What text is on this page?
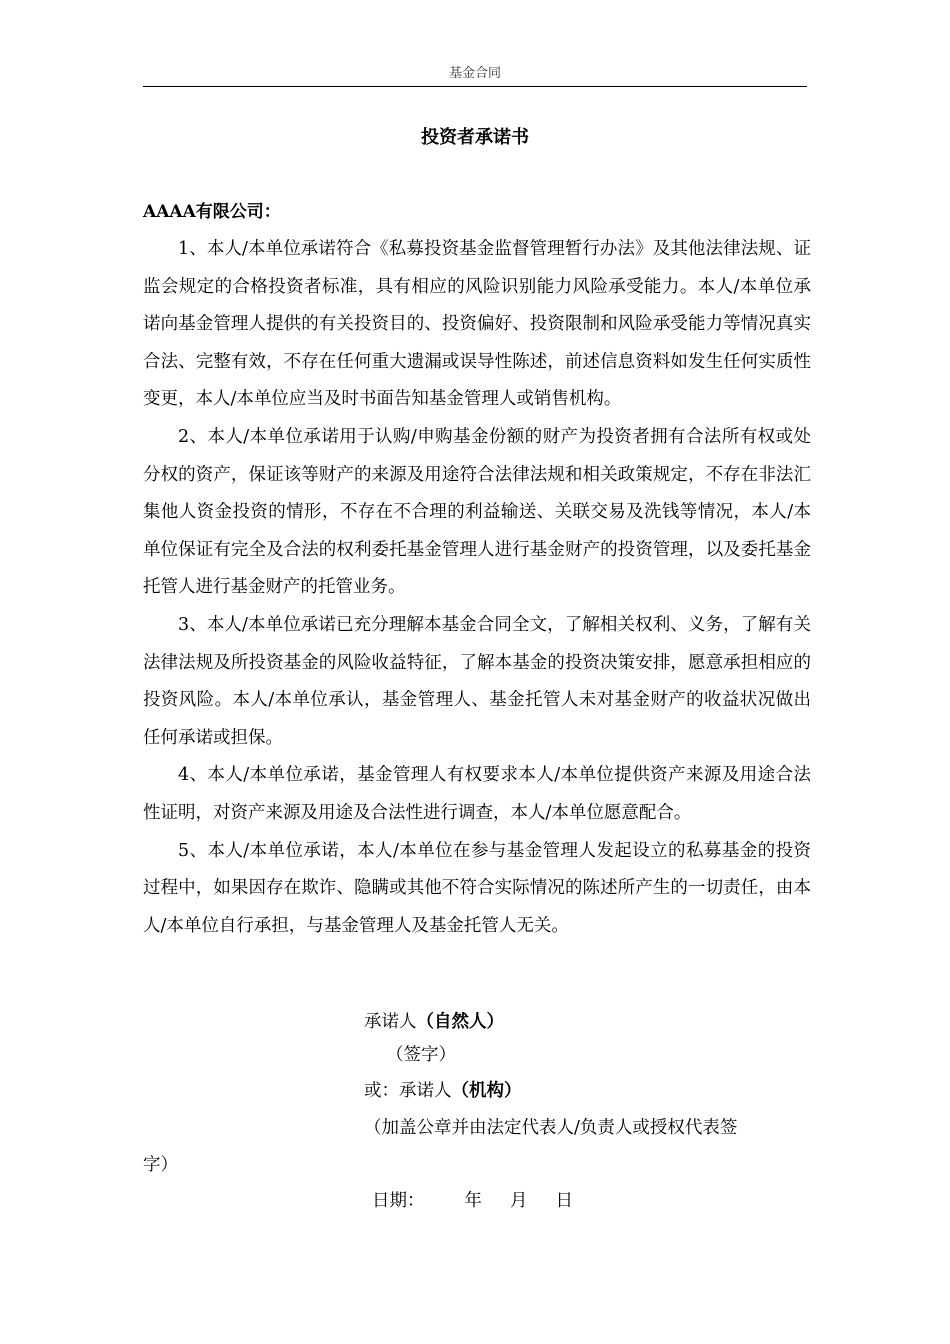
基金合同
投资者承诺书
AAAA有限公司：

1、本人/本单位承诺符合《私募投资基金监督管理暂行办法》及其他法律法规、证监会规定的合格投资者标准，具有相应的风险识别能力风险承受能力。本人/本单位承诺向基金管理人提供的有关投资目的、投资偏好、投资限制和风险承受能力等情况真实合法、完整有效，不存在任何重大遗漏或误导性陈述，前述信息资料如发生任何实质性变更，本人/本单位应当及时书面告知基金管理人或销售机构。

2、本人/本单位承诺用于认购/申购基金份额的财产为投资者拥有合法所有权或处分权的资产，保证该等财产的来源及用途符合法律法规和相关政策规定，不存在非法汇集他人资金投资的情形，不存在不合理的利益输送、关联交易及洗钱等情况，本人/本单位保证有完全及合法的权利委托基金管理人进行基金财产的投资管理，以及委托基金托管人进行基金财产的托管业务。

3、本人/本单位承诺已充分理解本基金合同全文，了解相关权利、义务，了解有关法律法规及所投资基金的风险收益特征，了解本基金的投资决策安排，愿意承担相应的投资风险。本人/本单位承认，基金管理人、基金托管人未对基金财产的收益状况做出任何承诺或担保。

4、本人/本单位承诺，基金管理人有权要求本人/本单位提供资产来源及用途合法性证明，对资产来源及用途及合法性进行调查，本人/本单位愿意配合。

5、本人/本单位承诺，本人/本单位在参与基金管理人发起设立的私募基金的投资过程中，如果因存在欺诈、隐瞒或其他不符合实际情况的陈述所产生的一切责任，由本人/本单位自行承担，与基金管理人及基金托管人无关。

承诺人（自然人）
（签字）
或：承诺人（机构）
（加盖公章并由法定代表人/负责人或授权代表签
字）
日期： 年 月 日
